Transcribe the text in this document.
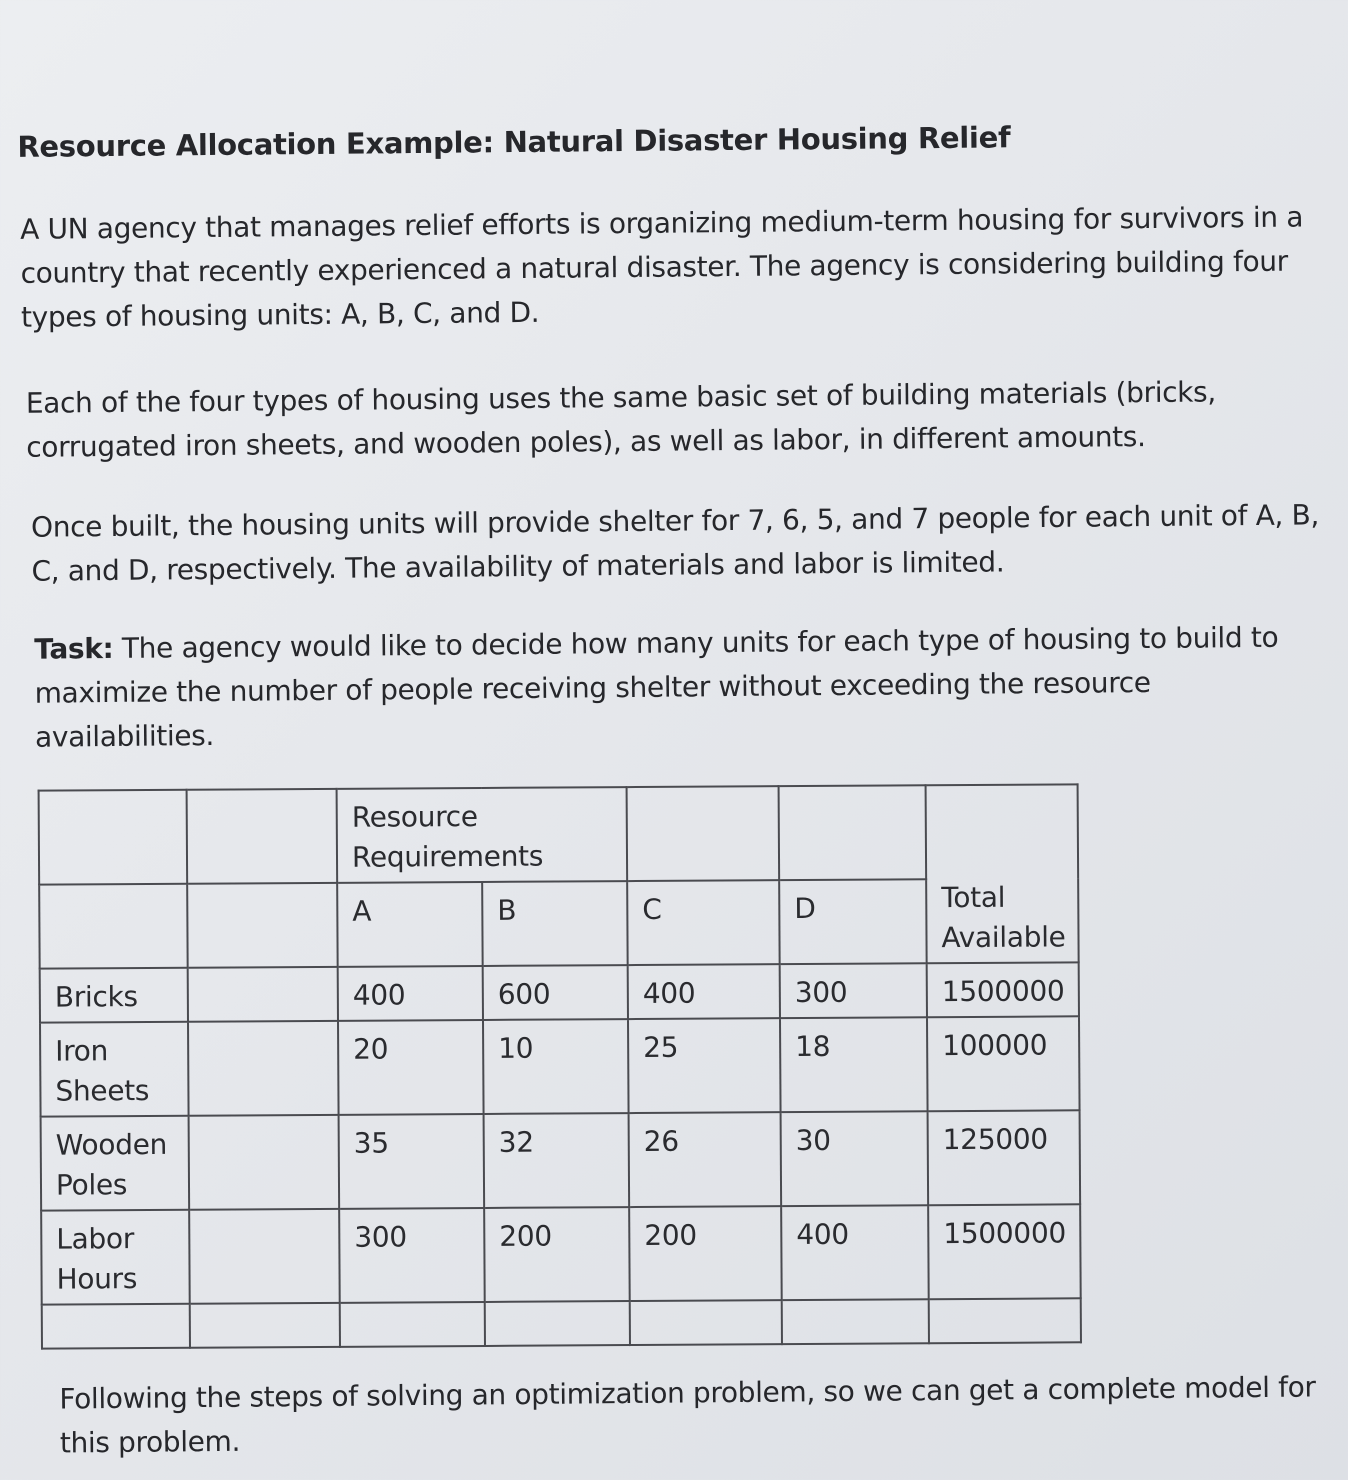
Resource Allocation Example: Natural Disaster Housing Relief
A UN agency that manages relief efforts is organizing medium-term housing for survivors in a country that recently experienced a natural disaster. The agency is considering building four types of housing units: A, B, C, and D.
Each of the four types of housing uses the same basic set of building materials (bricks, corrugated iron sheets, and wooden poles), as well as labor, in different amounts.
Once built, the housing units will provide shelter for 7, 6, 5, and 7 people for each unit of A, B, C, and D, respectively. The availability of materials and labor is limited.
Task: The agency would like to decide how many units for each type of housing to build to maximize the number of people receiving shelter without exceeding the resource availabilities.
		Resource Requirements				Total Available

		A	B	C	D	
Bricks		400	600	400	300	1500000
Iron Sheets		20	10	25	18	100000
Wooden Poles		35	32	26	30	125000
Labor Hours		300	200	200	400	1500000

Following the steps of solving an optimization problem, so we can get a complete model for this problem.
